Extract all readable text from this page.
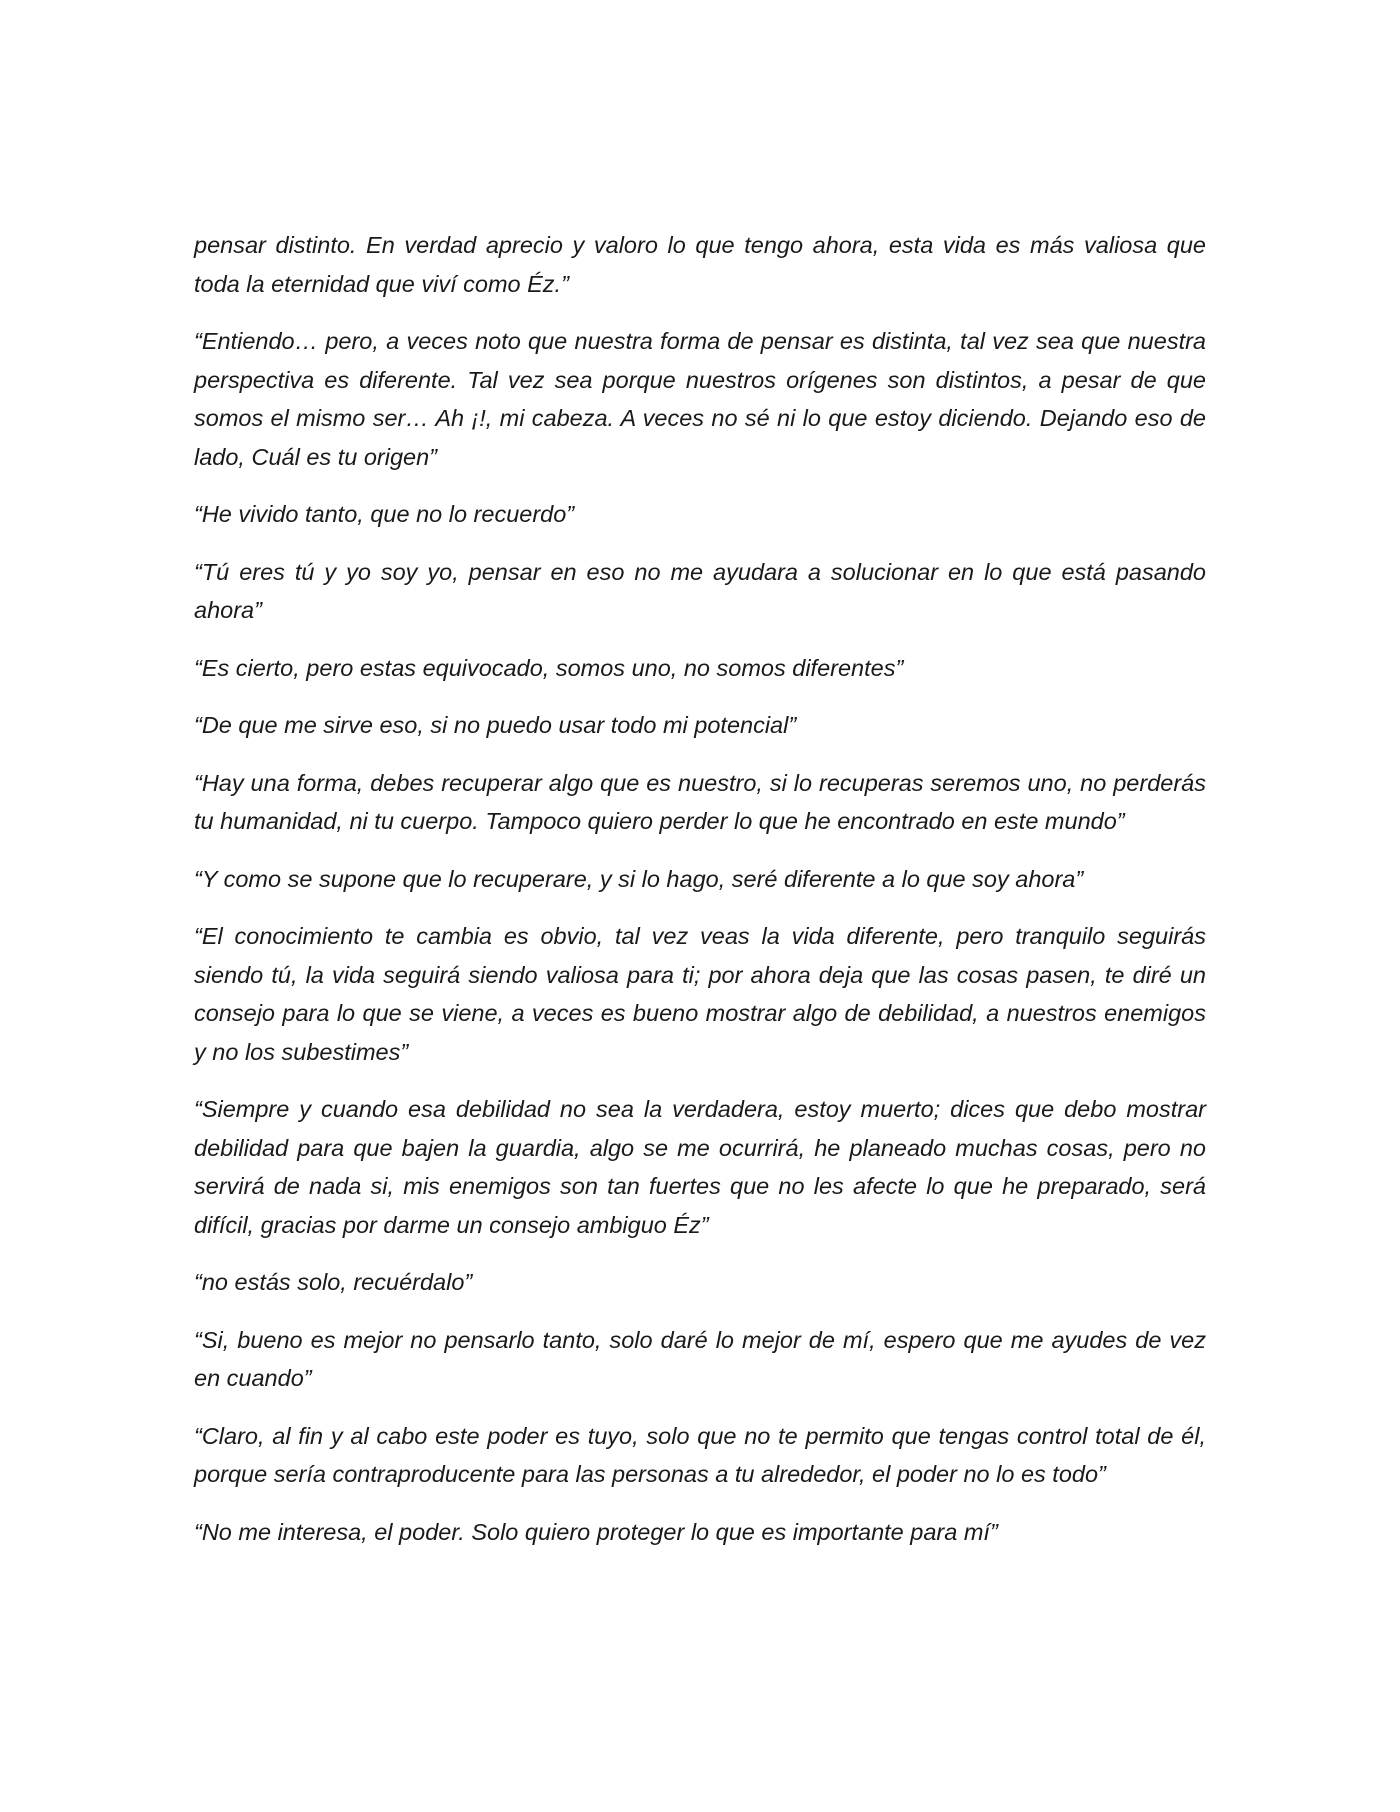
pensar distinto. En verdad aprecio y valoro lo que tengo ahora, esta vida es más valiosa que toda la eternidad que viví como Éz.”

“Entiendo… pero, a veces noto que nuestra forma de pensar es distinta, tal vez sea que nuestra perspectiva es diferente. Tal vez sea porque nuestros orígenes son distintos, a pesar de que somos el mismo ser… Ah ¡!, mi cabeza. A veces no sé ni lo que estoy diciendo. Dejando eso de lado, Cuál es tu origen”

“He vivido tanto, que no lo recuerdo”

“Tú eres tú y yo soy yo, pensar en eso no me ayudara a solucionar en lo que está pasando ahora”

“Es cierto, pero estas equivocado, somos uno, no somos diferentes”

“De que me sirve eso, si no puedo usar todo mi potencial”

“Hay una forma, debes recuperar algo que es nuestro, si lo recuperas seremos uno, no perderás tu humanidad, ni tu cuerpo. Tampoco quiero perder lo que he encontrado en este mundo”

“Y como se supone que lo recuperare, y si lo hago, seré diferente a lo que soy ahora”

“El conocimiento te cambia es obvio, tal vez veas la vida diferente, pero tranquilo seguirás siendo tú, la vida seguirá siendo valiosa para ti; por ahora deja que las cosas pasen, te diré un consejo para lo que se viene, a veces es bueno mostrar algo de debilidad, a nuestros enemigos y no los subestimes”

“Siempre y cuando esa debilidad no sea la verdadera, estoy muerto; dices que debo mostrar debilidad para que bajen la guardia, algo se me ocurrirá, he planeado muchas cosas, pero no servirá de nada si, mis enemigos son tan fuertes que no les afecte lo que he preparado, será difícil, gracias por darme un consejo ambiguo Éz”

“no estás solo, recuérdalo”

“Si, bueno es mejor no pensarlo tanto, solo daré lo mejor de mí, espero que me ayudes de vez en cuando”

“Claro, al fin y al cabo este poder es tuyo, solo que no te permito que tengas control total de él, porque sería contraproducente para las personas a tu alrededor, el poder no lo es todo”

“No me interesa, el poder. Solo quiero proteger lo que es importante para mí”
